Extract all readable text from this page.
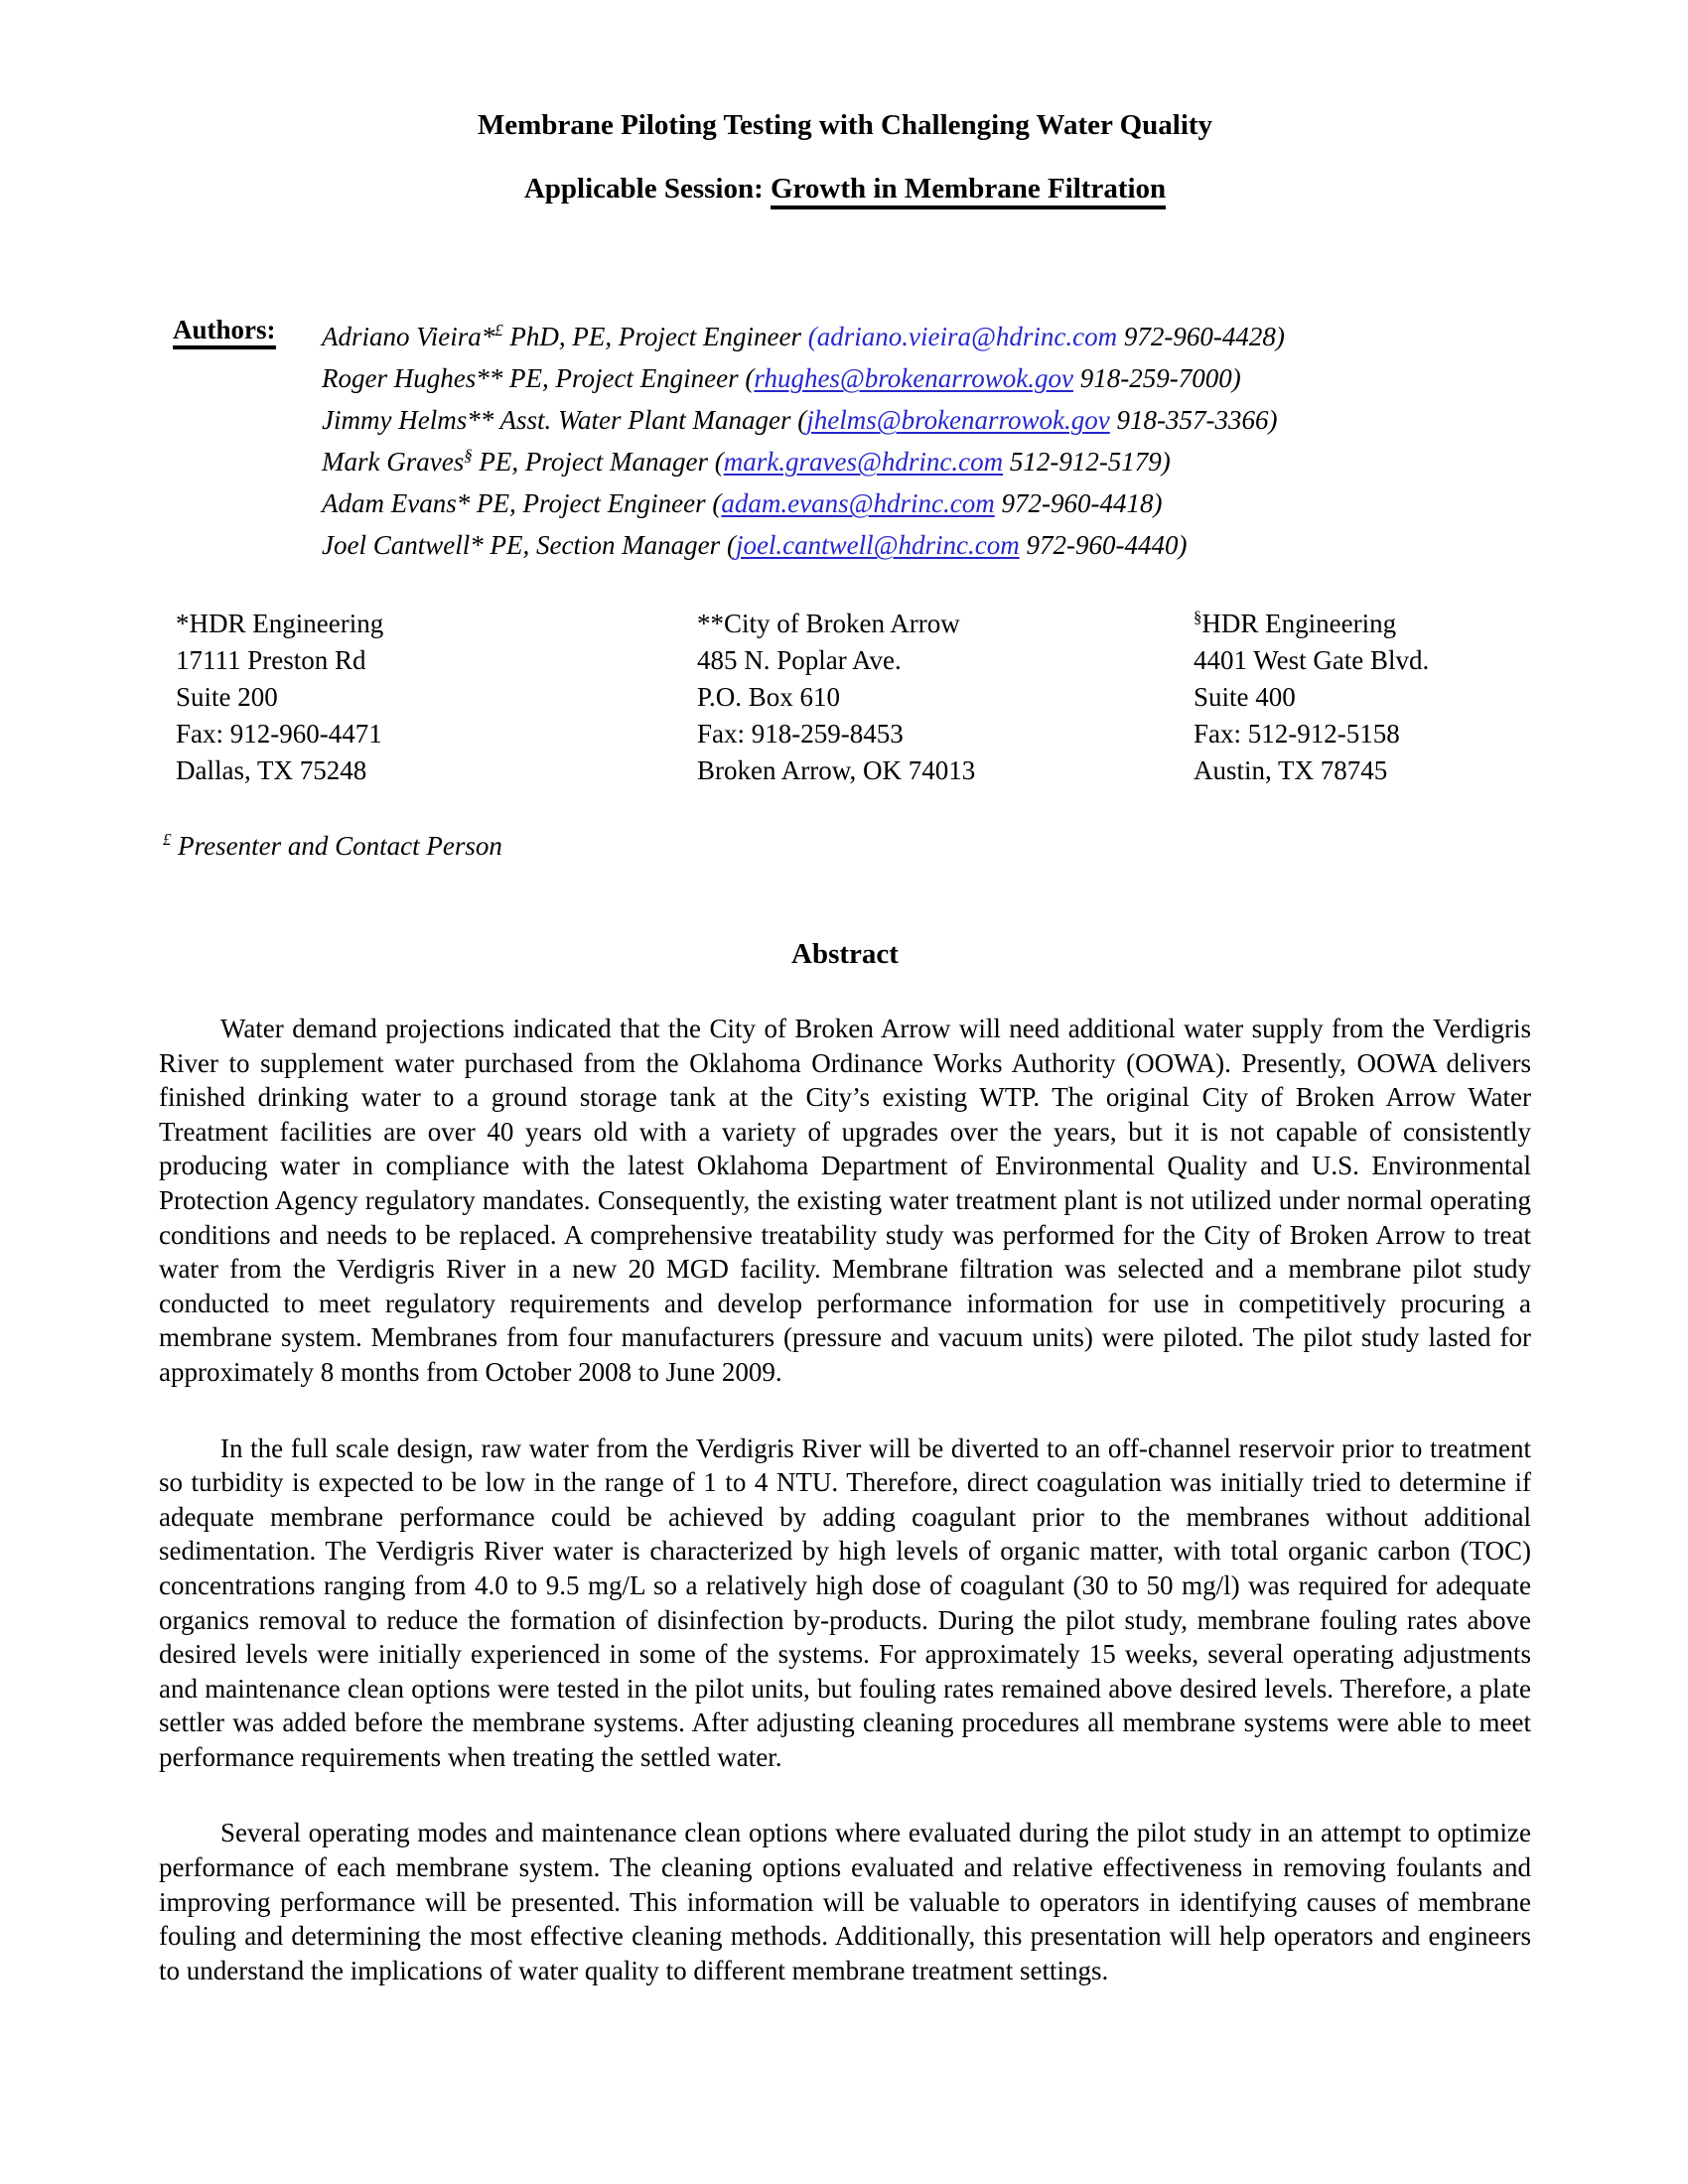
Membrane Piloting Testing with Challenging Water Quality
Applicable Session: Growth in Membrane Filtration
Authors:	Adriano Vieira*£ PhD, PE, Project Engineer (adriano.vieira@hdrinc.com 972-960-4428)
Roger Hughes** PE, Project Engineer (rhughes@brokenarrowok.gov 918-259-7000)
Jimmy Helms** Asst. Water Plant Manager (jhelms@brokenarrowok.gov 918-357-3366)
Mark Graves§ PE, Project Manager (mark.graves@hdrinc.com 512-912-5179)
Adam Evans* PE, Project Engineer (adam.evans@hdrinc.com 972-960-4418)
Joel Cantwell* PE, Section Manager (joel.cantwell@hdrinc.com 972-960-4440)
*HDR Engineering
17111 Preston Rd
Suite 200
Fax: 912-960-4471
Dallas, TX 75248
**City of Broken Arrow
485 N. Poplar Ave.
P.O. Box 610
Fax: 918-259-8453
Broken Arrow, OK 74013
§HDR Engineering
4401 West Gate Blvd.
Suite 400
Fax: 512-912-5158
Austin, TX 78745
£ Presenter and Contact Person
Abstract

Water demand projections indicated that the City of Broken Arrow will need additional water supply from the Verdigris River to supplement water purchased from the Oklahoma Ordinance Works Authority (OOWA). Presently, OOWA delivers finished drinking water to a ground storage tank at the City’s existing WTP. The original City of Broken Arrow Water Treatment facilities are over 40 years old with a variety of upgrades over the years, but it is not capable of consistently producing water in compliance with the latest Oklahoma Department of Environmental Quality and U.S. Environmental Protection Agency regulatory mandates. Consequently, the existing water treatment plant is not utilized under normal operating conditions and needs to be replaced. A comprehensive treatability study was performed for the City of Broken Arrow to treat water from the Verdigris River in a new 20 MGD facility. Membrane filtration was selected and a membrane pilot study conducted to meet regulatory requirements and develop performance information for use in competitively procuring a membrane system. Membranes from four manufacturers (pressure and vacuum units) were piloted. The pilot study lasted for approximately 8 months from October 2008 to June 2009.

In the full scale design, raw water from the Verdigris River will be diverted to an off-channel reservoir prior to treatment so turbidity is expected to be low in the range of 1 to 4 NTU. Therefore, direct coagulation was initially tried to determine if adequate membrane performance could be achieved by adding coagulant prior to the membranes without additional sedimentation. The Verdigris River water is characterized by high levels of organic matter, with total organic carbon (TOC) concentrations ranging from 4.0 to 9.5 mg/L so a relatively high dose of coagulant (30 to 50 mg/l) was required for adequate organics removal to reduce the formation of disinfection by-products. During the pilot study, membrane fouling rates above desired levels were initially experienced in some of the systems. For approximately 15 weeks, several operating adjustments and maintenance clean options were tested in the pilot units, but fouling rates remained above desired levels. Therefore, a plate settler was added before the membrane systems. After adjusting cleaning procedures all membrane systems were able to meet performance requirements when treating the settled water.

Several operating modes and maintenance clean options where evaluated during the pilot study in an attempt to optimize performance of each membrane system. The cleaning options evaluated and relative effectiveness in removing foulants and improving performance will be presented. This information will be valuable to operators in identifying causes of membrane fouling and determining the most effective cleaning methods. Additionally, this presentation will help operators and engineers to understand the implications of water quality to different membrane treatment settings.
